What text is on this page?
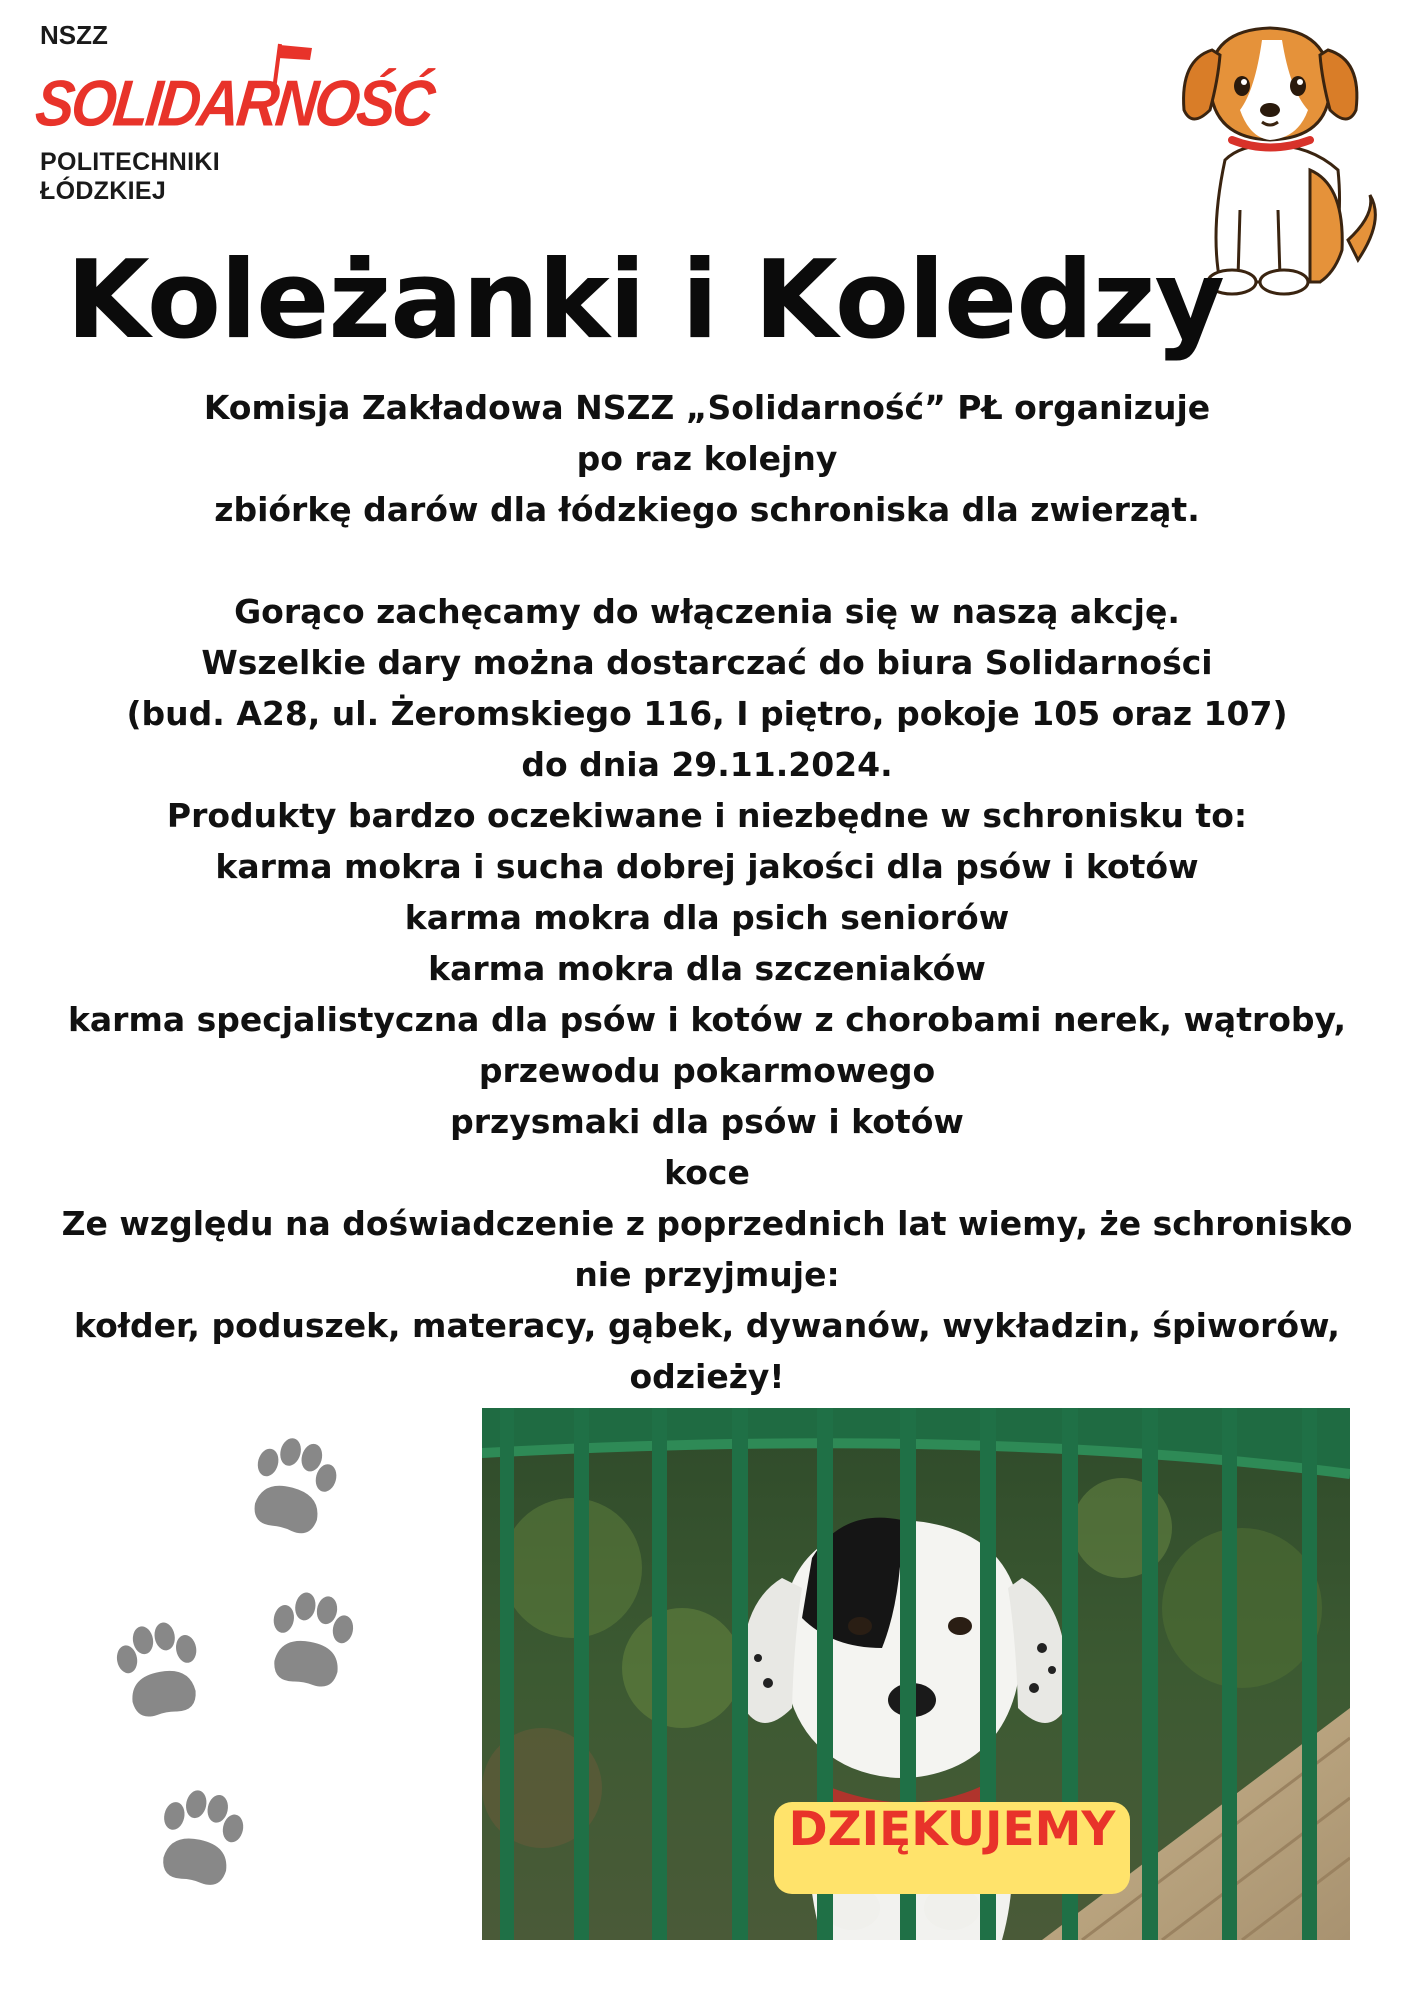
NSZZ
SOLIDARNOŚĆ
POLITECHNIKI ŁÓDZKIEJ
Koleżanki i Koledzy
Komisja Zakładowa NSZZ „Solidarność” PŁ organizuje
po raz kolejny
zbiórkę darów dla łódzkiego schroniska dla zwierząt.
Gorąco zachęcamy do włączenia się w naszą akcję.
Wszelkie dary można dostarczać do biura Solidarności
(bud. A28, ul. Żeromskiego 116, I piętro, pokoje 105 oraz 107)
do dnia 29.11.2024.
Produkty bardzo oczekiwane i niezbędne w schronisku to:
karma mokra i sucha dobrej jakości dla psów i kotów
karma mokra dla psich seniorów
karma mokra dla szczeniaków
karma specjalistyczna dla psów i kotów z chorobami nerek, wątroby,
przewodu pokarmowego
przysmaki dla psów i kotów
koce
Ze względu na doświadczenie z poprzednich lat wiemy, że schronisko
nie przyjmuje:
kołder, poduszek, materacy, gąbek, dywanów, wykładzin, śpiworów,
odzieży!
DZIĘKUJEMY
